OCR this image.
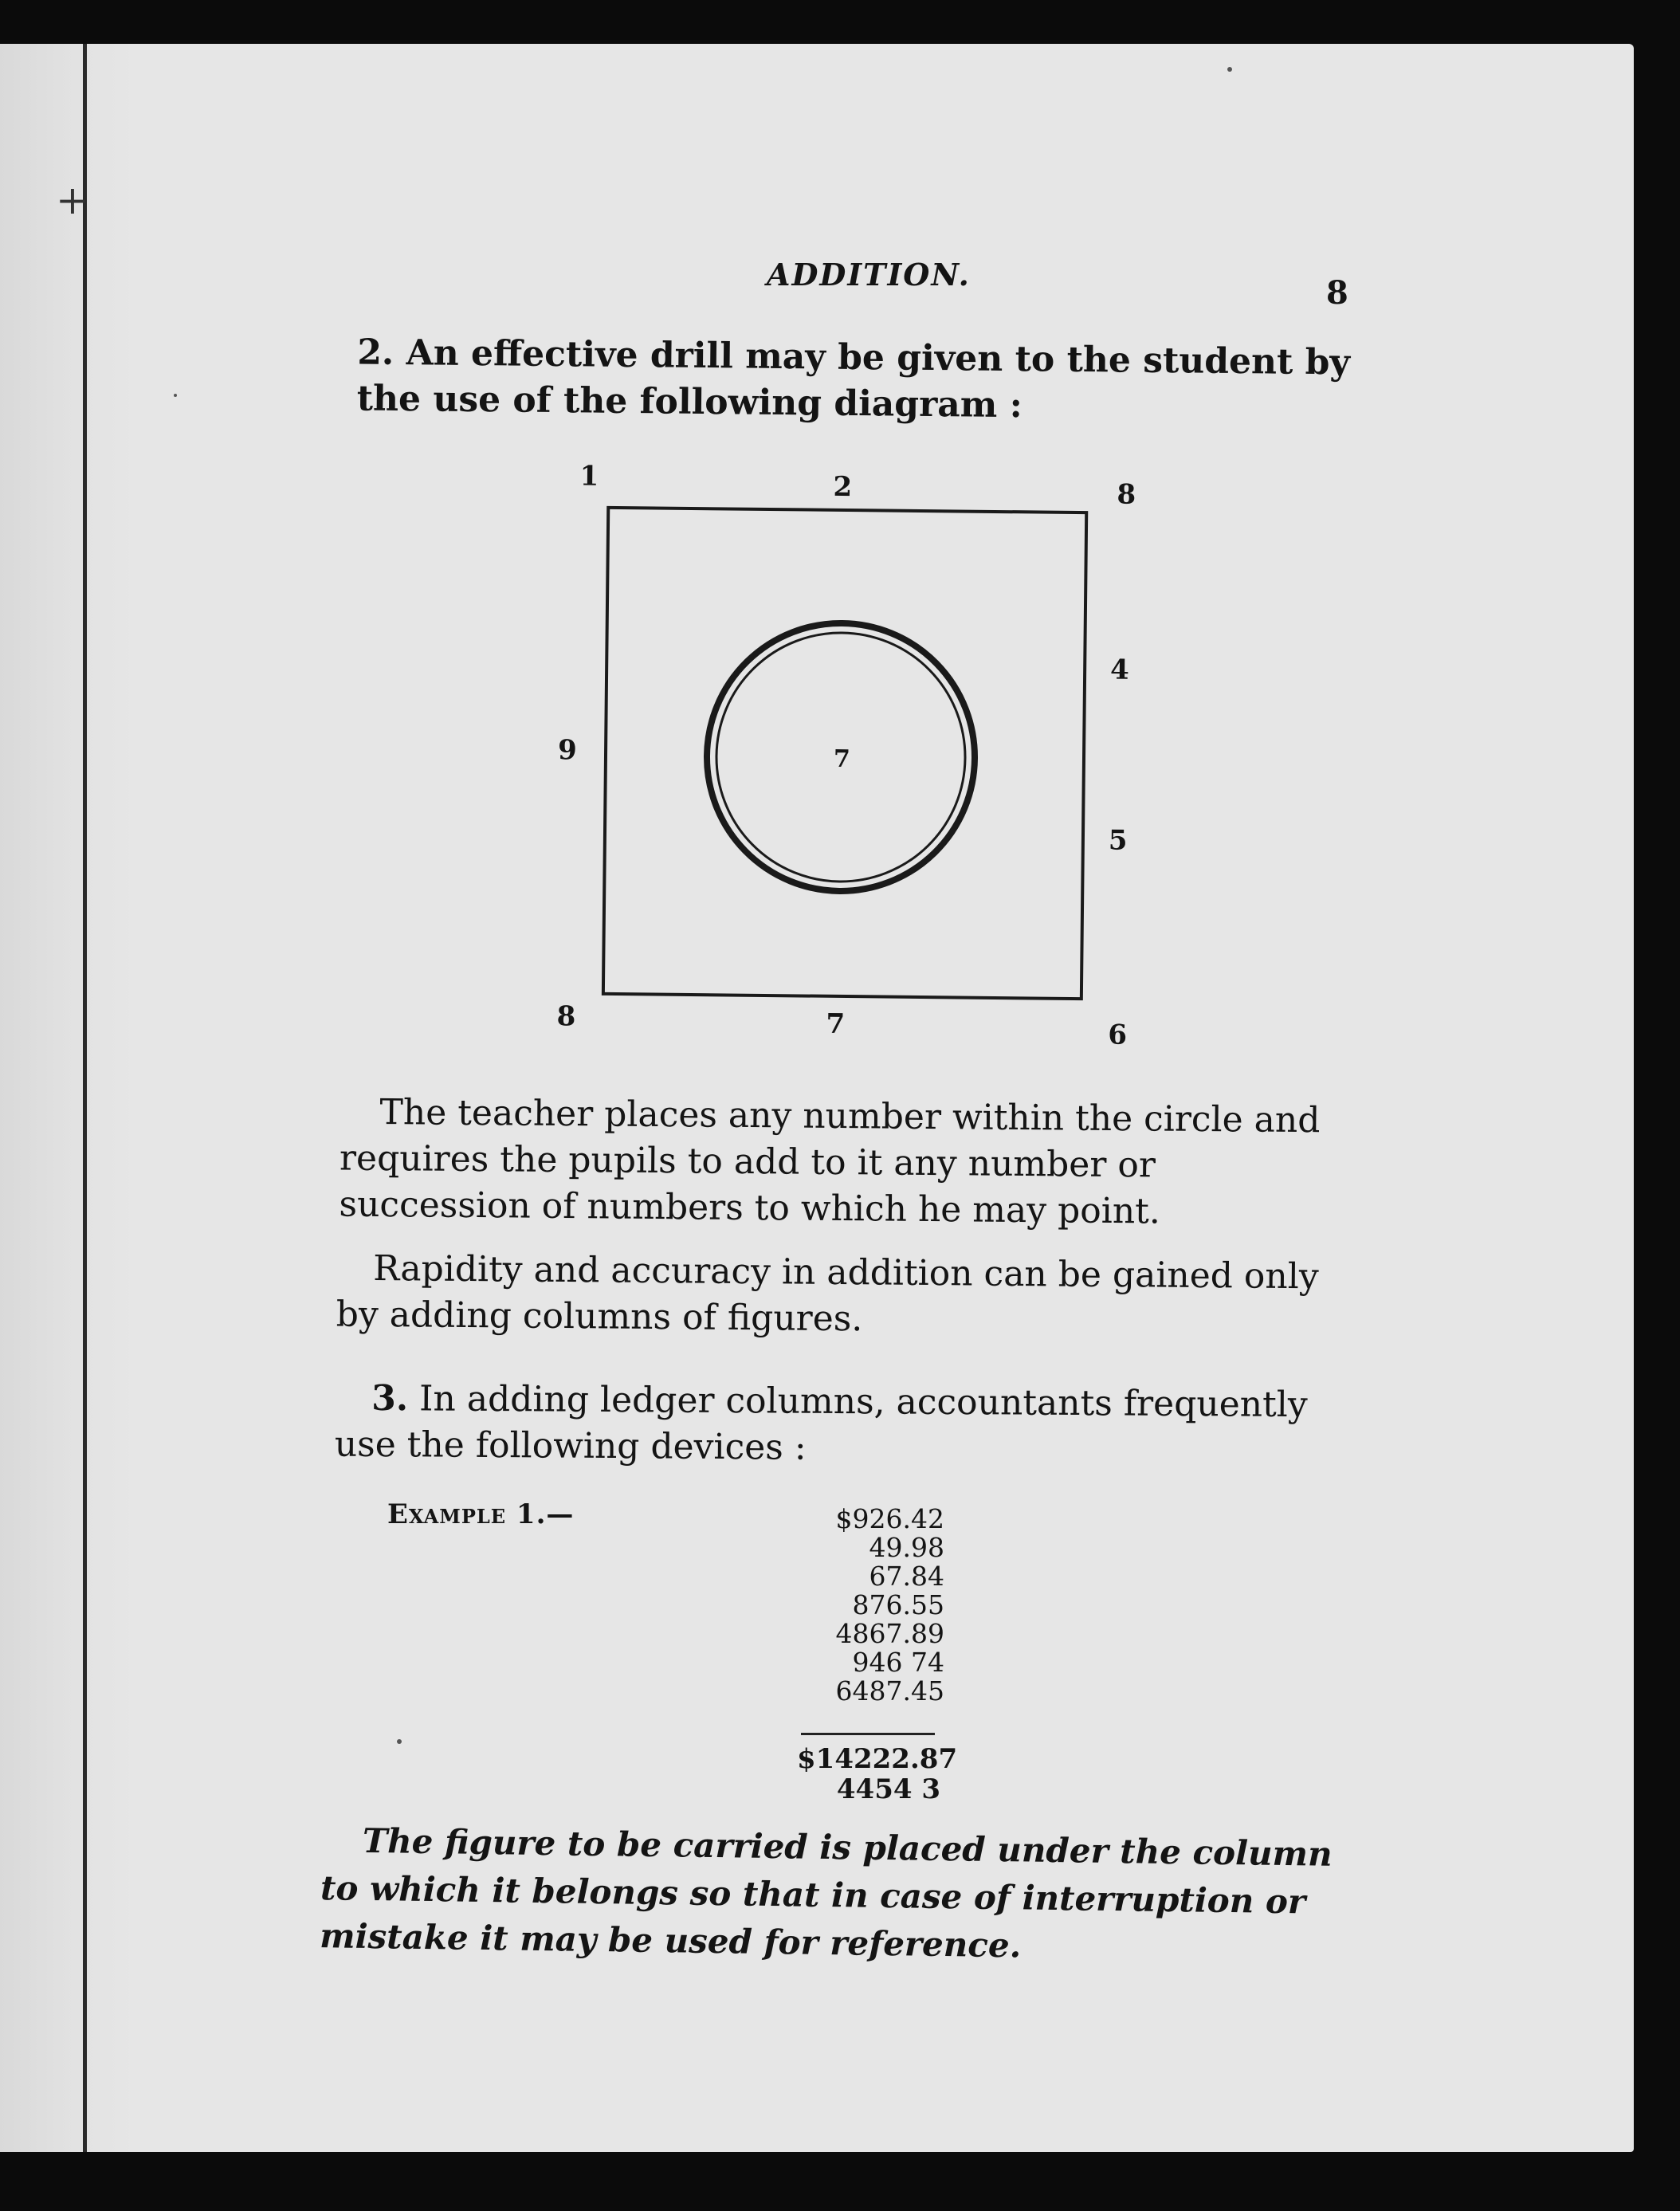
+
ADDITION.	8

2. An effective drill may be given to the student by the use of the following diagram :

1	2	8
4
5
6
7
8
9	7

The teacher places any number within the circle and requires the pupils to add to it any number or succession of numbers to which he may point.

Rapidity and accuracy in addition can be gained only by adding columns of figures.

3. In adding ledger columns, accountants frequently use the following devices :

Example 1.—	$926.42
49.98
67.84
876.55
4867.89
946 74
6487.45
$14222.87
4454 3

The figure to be carried is placed under the column to which it belongs so that in case of interruption or mistake it may be used for reference.
